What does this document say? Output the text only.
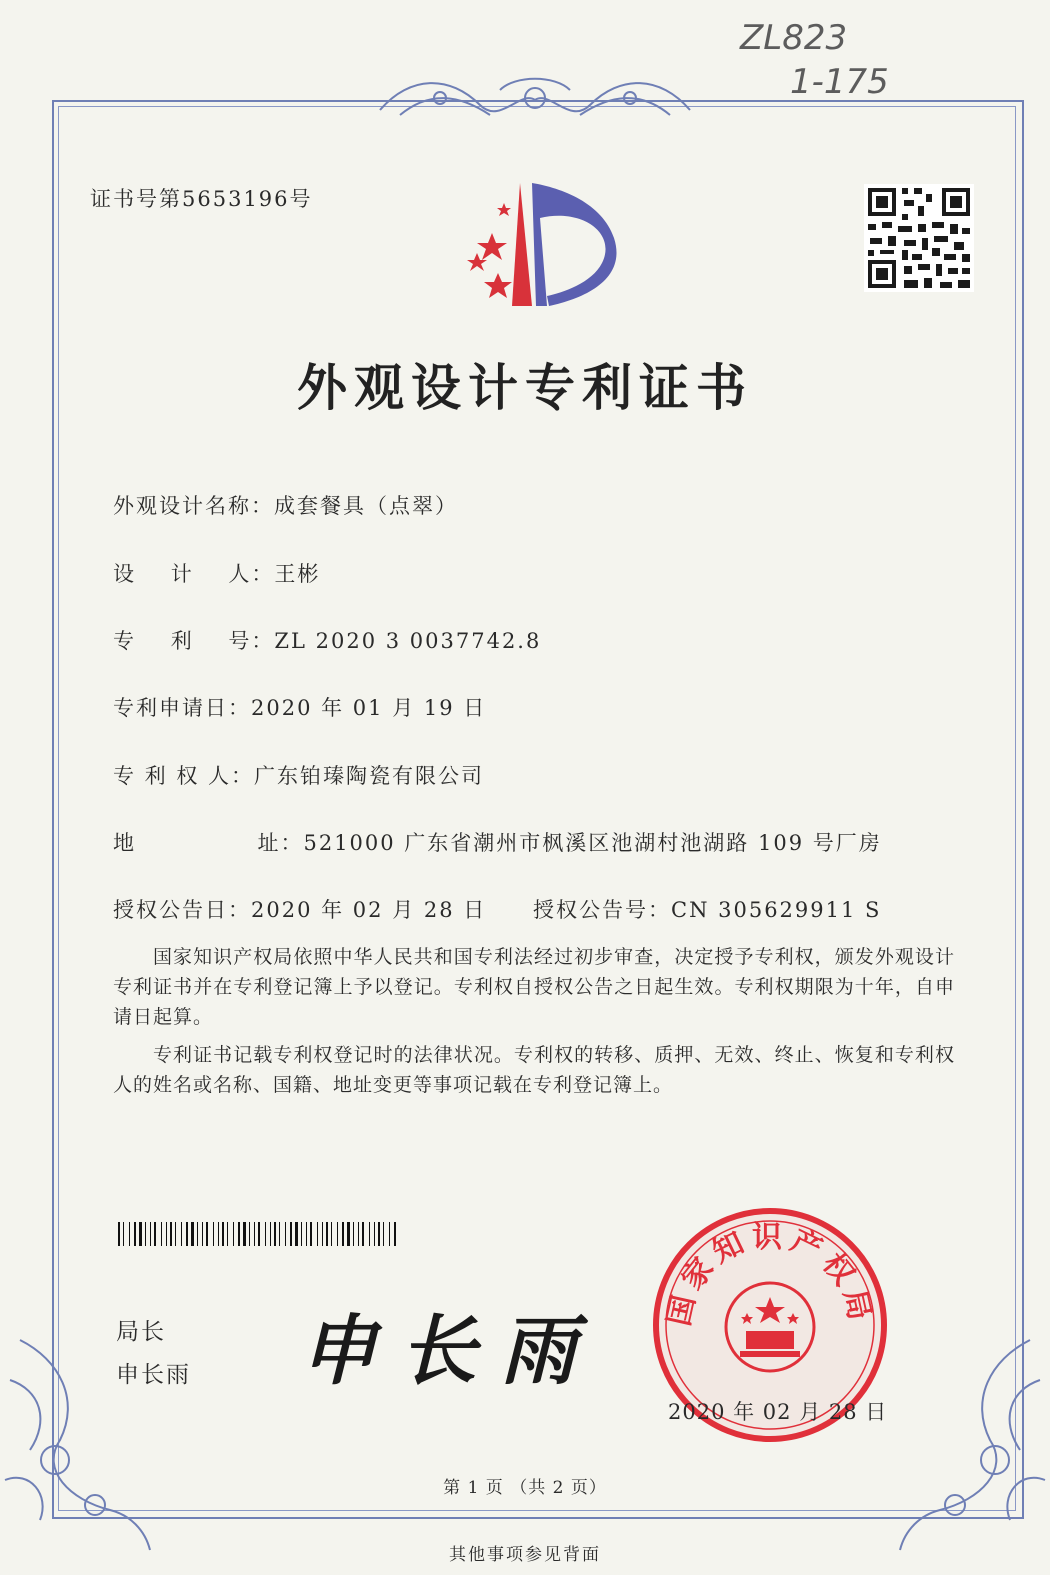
ZL823
1-175
证书号第5653196号
外观设计专利证书
外观设计名称：成套餐具（点翠）
设    计    人：王彬
专    利    号：ZL 2020 3 0037742.8
专利申请日：2020 年 01 月 19 日
专 利 权 人：广东铂瑧陶瓷有限公司
地              址：521000 广东省潮州市枫溪区池湖村池湖路 109 号厂房
授权公告日：2020 年 02 月 28 日 授权公告号：CN 305629911 S
国家知识产权局依照中华人民共和国专利法经过初步审查，决定授予专利权，颁发外观设计专利证书并在专利登记簿上予以登记。专利权自授权公告之日起生效。专利权期限为十年，自申请日起算。
专利证书记载专利权登记时的法律状况。专利权的转移、质押、无效、终止、恢复和专利权人的姓名或名称、国籍、地址变更等事项记载在专利登记簿上。
局长
申长雨 申长雨 国家知识产权局
2020 年 02 月 28 日
第 1 页 （共 2 页）
其他事项参见背面
